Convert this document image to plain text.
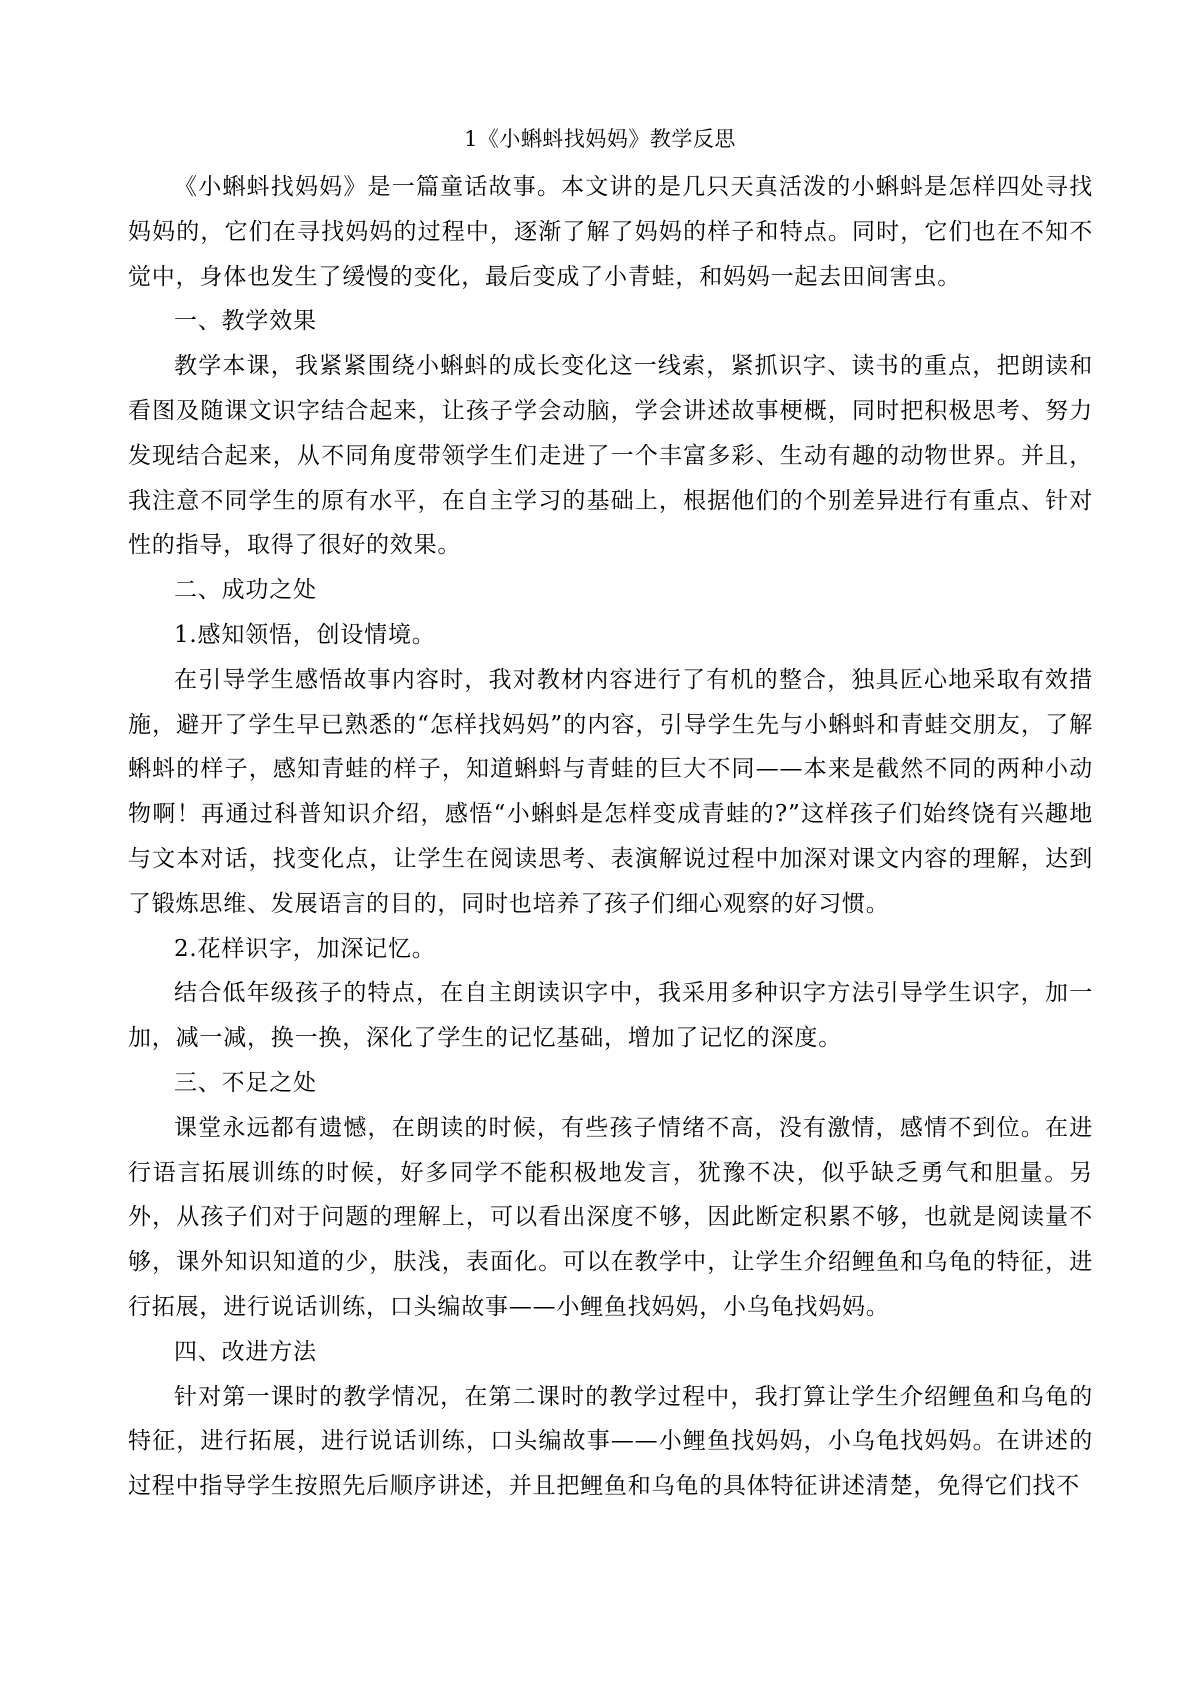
1《小蝌蚪找妈妈》教学反思

《小蝌蚪找妈妈》是一篇童话故事。本文讲的是几只天真活泼的小蝌蚪是怎样四处寻找妈妈的，它们在寻找妈妈的过程中，逐渐了解了妈妈的样子和特点。同时，它们也在不知不觉中，身体也发生了缓慢的变化，最后变成了小青蛙，和妈妈一起去田间害虫。

一、教学效果

教学本课，我紧紧围绕小蝌蚪的成长变化这一线索，紧抓识字、读书的重点，把朗读和看图及随课文识字结合起来，让孩子学会动脑，学会讲述故事梗概，同时把积极思考、努力发现结合起来，从不同角度带领学生们走进了一个丰富多彩、生动有趣的动物世界。并且，我注意不同学生的原有水平，在自主学习的基础上，根据他们的个别差异进行有重点、针对性的指导，取得了很好的效果。

二、成功之处

1.感知领悟，创设情境。

在引导学生感悟故事内容时，我对教材内容进行了有机的整合，独具匠心地采取有效措施，避开了学生早已熟悉的“怎样找妈妈”的内容，引导学生先与小蝌蚪和青蛙交朋友，了解蝌蚪的样子，感知青蛙的样子，知道蝌蚪与青蛙的巨大不同——本来是截然不同的两种小动物啊！再通过科普知识介绍，感悟“小蝌蚪是怎样变成青蛙的?”这样孩子们始终饶有兴趣地与文本对话，找变化点，让学生在阅读思考、表演解说过程中加深对课文内容的理解，达到了锻炼思维、发展语言的目的，同时也培养了孩子们细心观察的好习惯。

2.花样识字，加深记忆。

结合低年级孩子的特点，在自主朗读识字中，我采用多种识字方法引导学生识字，加一加，减一减，换一换，深化了学生的记忆基础，增加了记忆的深度。

三、不足之处

课堂永远都有遗憾，在朗读的时候，有些孩子情绪不高，没有激情，感情不到位。在进行语言拓展训练的时候，好多同学不能积极地发言，犹豫不决，似乎缺乏勇气和胆量。另外，从孩子们对于问题的理解上，可以看出深度不够，因此断定积累不够，也就是阅读量不够，课外知识知道的少，肤浅，表面化。可以在教学中，让学生介绍鲤鱼和乌龟的特征，进行拓展，进行说话训练，口头编故事——小鲤鱼找妈妈，小乌龟找妈妈。

四、改进方法

针对第一课时的教学情况，在第二课时的教学过程中，我打算让学生介绍鲤鱼和乌龟的特征，进行拓展，进行说话训练，口头编故事——小鲤鱼找妈妈，小乌龟找妈妈。在讲述的过程中指导学生按照先后顺序讲述，并且把鲤鱼和乌龟的具体特征讲述清楚，免得它们找不
